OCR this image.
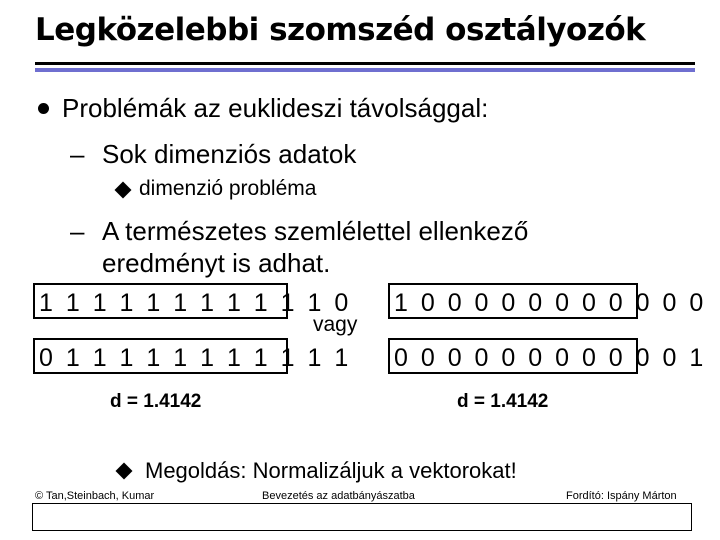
Legközelebbi szomszéd osztályozók
Problémák az euklideszi távolsággal:
– Sok dimenziós adatok
dimenzió probléma
– A természetes szemlélettel ellenkező
eredményt is adhat.
1 1 1 1 1 1 1 1 1 1 1 0
0 1 1 1 1 1 1 1 1 1 1 1
vagy
1 0 0 0 0 0 0 0 0 0 0 0
0 0 0 0 0 0 0 0 0 0 0 1
d = 1.4142	d = 1.4142
Megoldás: Normalizáljuk a vektorokat!
© Tan,Steinbach, Kumar	Bevezetés az adatbányászatba	Fordító: Ispány Márton
